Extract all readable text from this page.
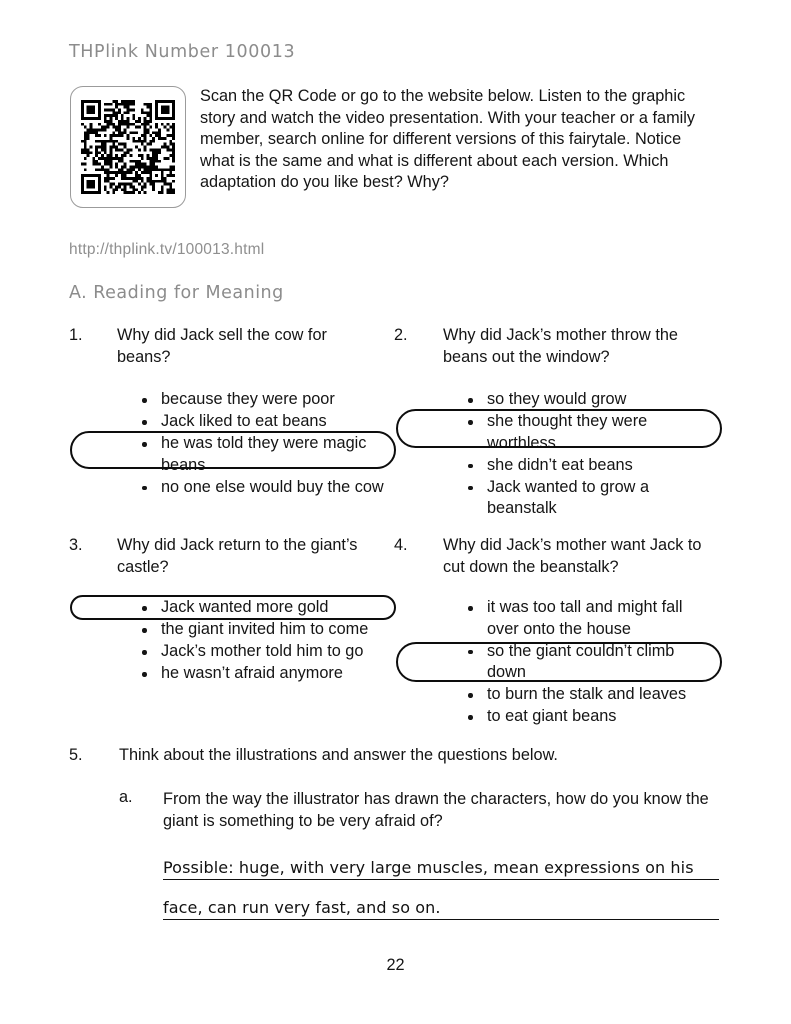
THPlink Number 100013
Scan the QR Code or go to the website below. Listen to the graphic story and watch the video presentation. With your teacher or a family member, search online for different versions of this fairytale. Notice what is the same and what is different about each version. Which adaptation do you like best? Why?
http://thplink.tv/100013.html
A. Reading for Meaning
1. Why did Jack sell the cow for beans?
because they were poor
Jack liked to eat beans
he was told they were magic beans
no one else would buy the cow
2. Why did Jack’s mother throw the beans out the window?
so they would grow
she thought they were worthless
she didn’t eat beans
Jack wanted to grow a beanstalk
3. Why did Jack return to the giant’s castle?
Jack wanted more gold
the giant invited him to come
Jack’s mother told him to go
he wasn’t afraid anymore
4. Why did Jack’s mother want Jack to cut down the beanstalk?
it was too tall and might fall over onto the house
so the giant couldn’t climb down
to burn the stalk and leaves
to eat giant beans
5. Think about the illustrations and answer the questions below.
a. From the way the illustrator has drawn the characters, how do you know the giant is something to be very afraid of?
Possible: huge, with very large muscles, mean expressions on his
face, can run very fast, and so on.
22
